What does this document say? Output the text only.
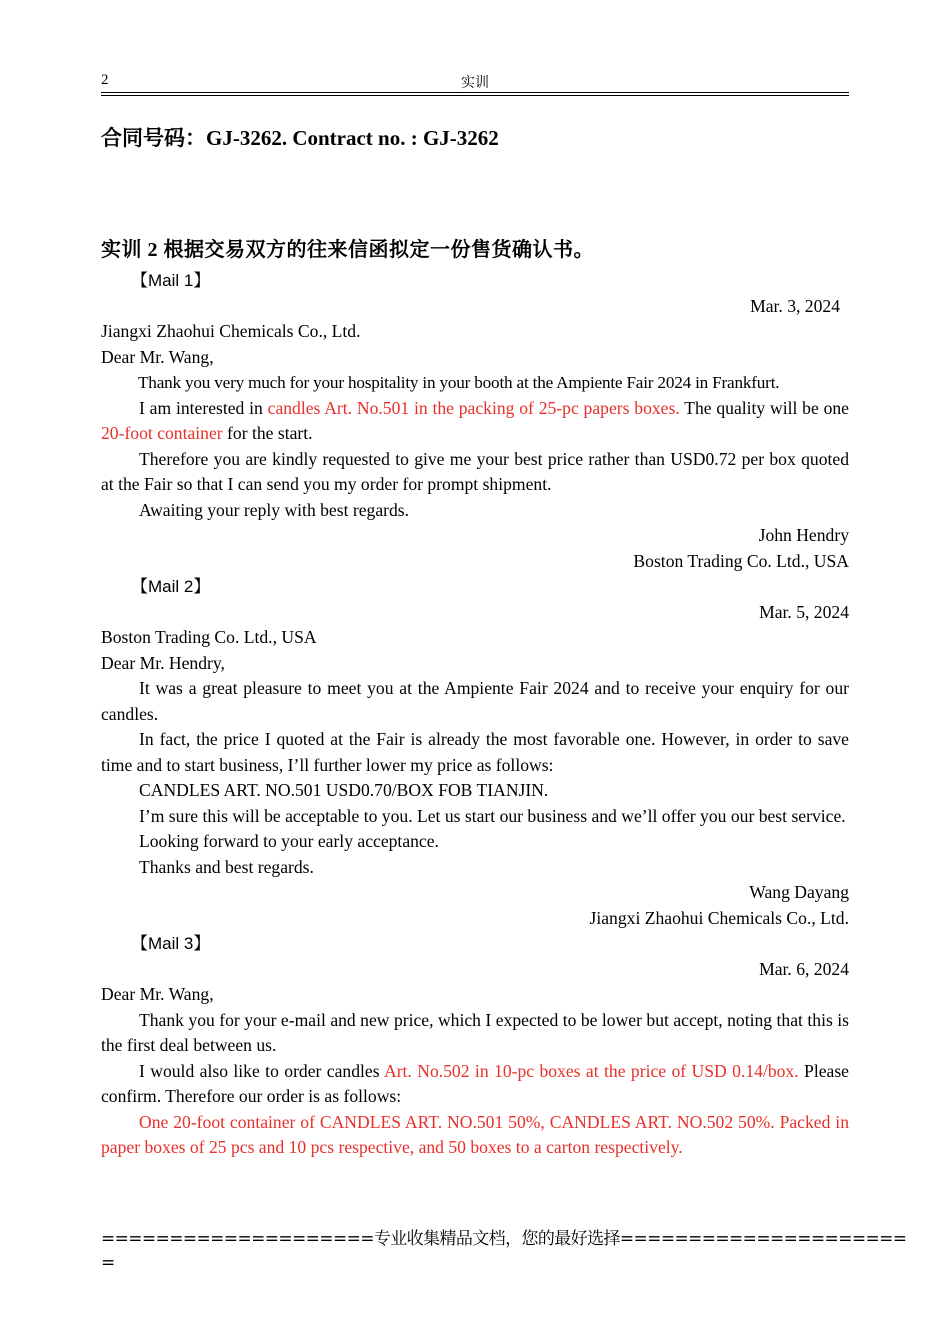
2	实训
合同号码：GJ-3262. Contract no. : GJ-3262
实训 2 根据交易双方的往来信函拟定一份售货确认书。

【Mail 1】

Mar. 3, 2024

Jiangxi Zhaohui Chemicals Co., Ltd.

Dear Mr. Wang,

Thank you very much for your hospitality in your booth at the Ampiente Fair 2024 in Frankfurt.

I am interested in candles Art. No.501 in the packing of 25-pc papers boxes. The quality will be one 20-foot container for the start.

Therefore you are kindly requested to give me your best price rather than USD0.72 per box quoted at the Fair so that I can send you my order for prompt shipment.

Awaiting your reply with best regards.

John Hendry

Boston Trading Co. Ltd., USA

【Mail 2】

Mar. 5, 2024

Boston Trading Co. Ltd., USA

Dear Mr. Hendry,

It was a great pleasure to meet you at the Ampiente Fair 2024 and to receive your enquiry for our candles.

In fact, the price I quoted at the Fair is already the most favorable one. However, in order to save time and to start business, I’ll further lower my price as follows:

CANDLES ART. NO.501 USD0.70/BOX FOB TIANJIN.

I’m sure this will be acceptable to you. Let us start our business and we’ll offer you our best service.

Looking forward to your early acceptance.

Thanks and best regards.

Wang Dayang

Jiangxi Zhaohui Chemicals Co., Ltd.

【Mail 3】

Mar. 6, 2024

Dear Mr. Wang,

Thank you for your e-mail and new price, which I expected to be lower but accept, noting that this is the first deal between us.

I would also like to order candles Art. No.502 in 10-pc boxes at the price of USD 0.14/box. Please confirm. Therefore our order is as follows:

One 20-foot container of CANDLES ART. NO.501 50%, CANDLES ART. NO.502 50%. Packed in paper boxes of 25 pcs and 10 pcs respective, and 50 boxes to a carton respectively.

====================专业收集精品文档，您的最好选择=====================
=
